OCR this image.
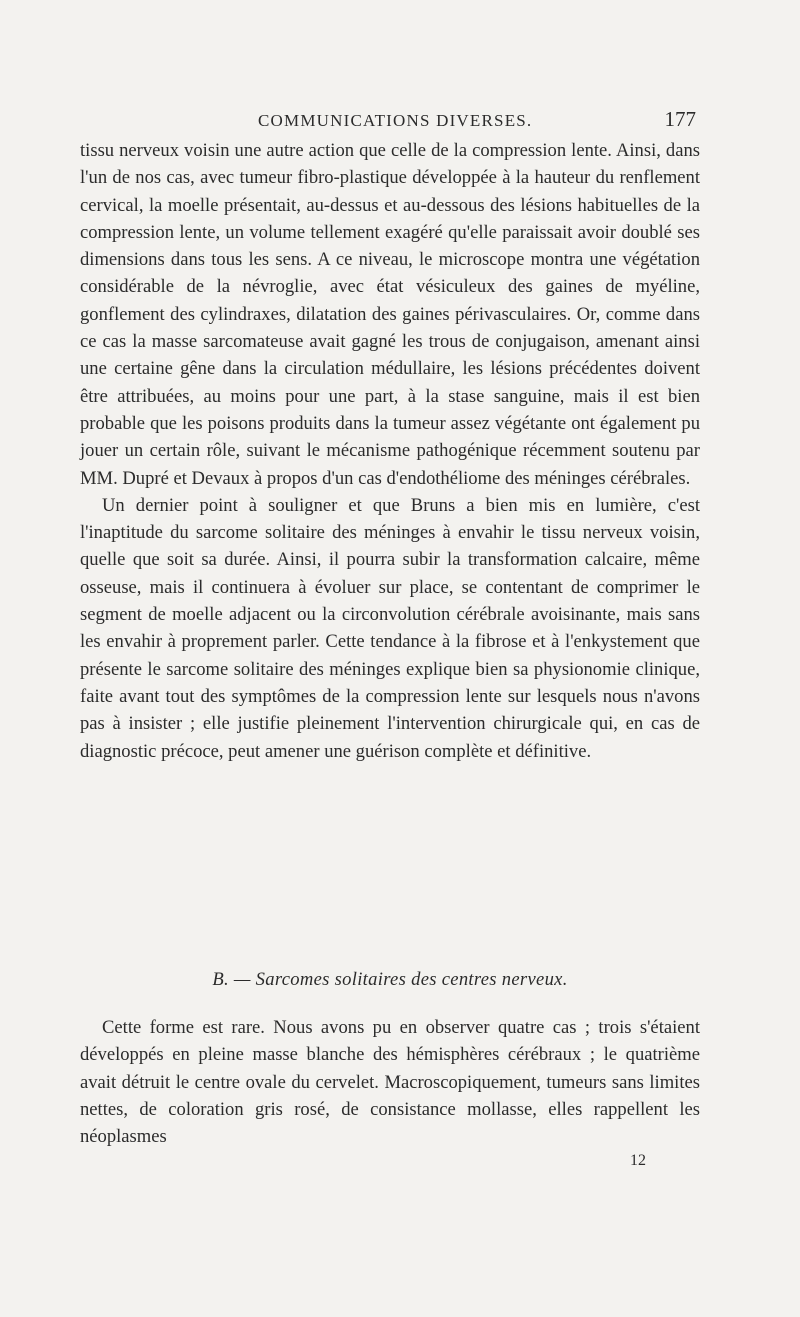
COMMUNICATIONS DIVERSES.	177

tissu nerveux voisin une autre action que celle de la compression lente. Ainsi, dans l'un de nos cas, avec tumeur fibro-plastique développée à la hauteur du renflement cervical, la moelle présentait, au-dessus et au-dessous des lésions habituelles de la compression lente, un volume tellement exagéré qu'elle paraissait avoir doublé ses dimensions dans tous les sens. A ce niveau, le microscope montra une végétation considérable de la névroglie, avec état vésiculeux des gaines de myéline, gonflement des cylindraxes, dilatation des gaines périvasculaires. Or, comme dans ce cas la masse sarcomateuse avait gagné les trous de conjugaison, amenant ainsi une certaine gêne dans la circulation médullaire, les lésions précédentes doivent être attribuées, au moins pour une part, à la stase sanguine, mais il est bien probable que les poisons produits dans la tumeur assez végétante ont également pu jouer un certain rôle, suivant le mécanisme pathogénique récemment soutenu par MM. Dupré et Devaux à propos d'un cas d'endothéliome des méninges cérébrales.

Un dernier point à souligner et que Bruns a bien mis en lumière, c'est l'inaptitude du sarcome solitaire des méninges à envahir le tissu nerveux voisin, quelle que soit sa durée. Ainsi, il pourra subir la transformation calcaire, même osseuse, mais il continuera à évoluer sur place, se contentant de comprimer le segment de moelle adjacent ou la circonvolution cérébrale avoisinante, mais sans les envahir à proprement parler. Cette tendance à la fibrose et à l'enkystement que présente le sarcome solitaire des méninges explique bien sa physionomie clinique, faite avant tout des symptômes de la compression lente sur lesquels nous n'avons pas à insister ; elle justifie pleinement l'intervention chirurgicale qui, en cas de diagnostic précoce, peut amener une guérison complète et définitive.

B. — Sarcomes solitaires des centres nerveux.

Cette forme est rare. Nous avons pu en observer quatre cas ; trois s'étaient développés en pleine masse blanche des hémisphères cérébraux ; le quatrième avait détruit le centre ovale du cervelet. Macroscopiquement, tumeurs sans limites nettes, de coloration gris rosé, de consistance mollasse, elles rappellent les néoplasmes

12
